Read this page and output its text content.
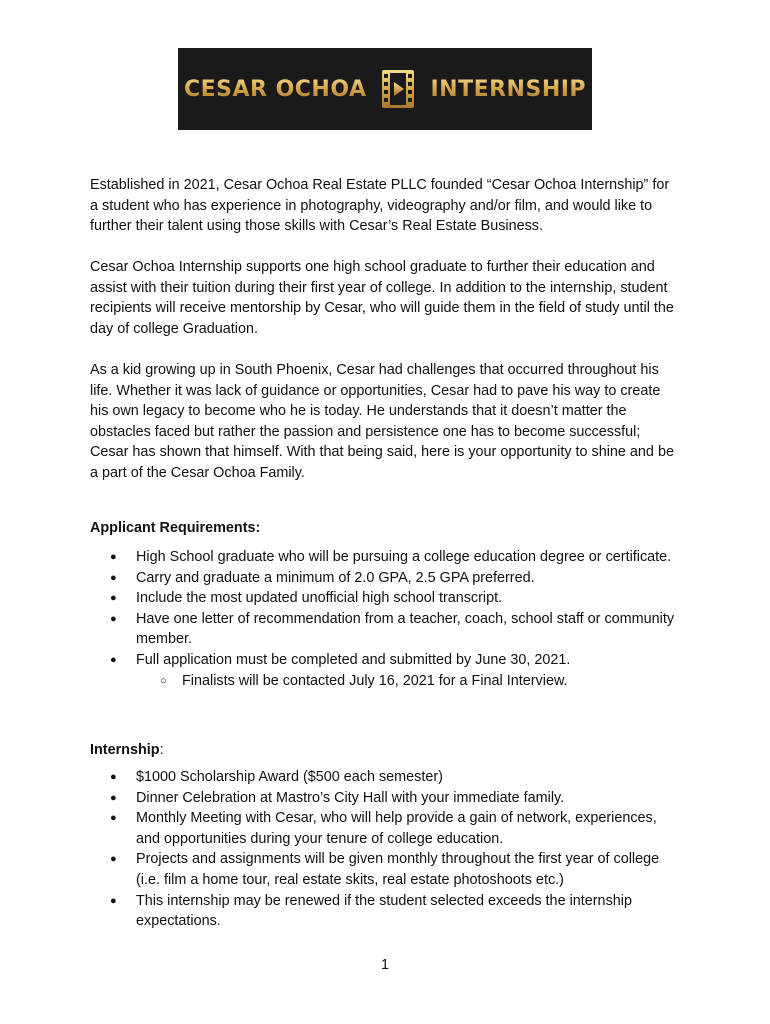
CESAR OCHOA	INTERNSHIP

Established in 2021, Cesar Ochoa Real Estate PLLC founded “Cesar Ochoa Internship” for a student who has experience in photography, videography and/or film, and would like to further their talent using those skills with Cesar’s Real Estate Business.

Cesar Ochoa Internship supports one high school graduate to further their education and assist with their tuition during their first year of college. In addition to the internship, student recipients will receive mentorship by Cesar, who will guide them in the field of study until the day of college Graduation.

As a kid growing up in South Phoenix, Cesar had challenges that occurred throughout his life. Whether it was lack of guidance or opportunities, Cesar had to pave his way to create his own legacy to become who he is today. He understands that it doesn’t matter the obstacles faced but rather the passion and persistence one has to become successful; Cesar has shown that himself. With that being said, here is your opportunity to shine and be a part of the Cesar Ochoa Family.

Applicant Requirements:
● High School graduate who will be pursuing a college education degree or certificate.
● Carry and graduate a minimum of 2.0 GPA, 2.5 GPA preferred.
● Include the most updated unofficial high school transcript.
● Have one letter of recommendation from a teacher, coach, school staff or community member.
● Full application must be completed and submitted by June 30, 2021.
○ Finalists will be contacted July 16, 2021 for a Final Interview.
Internship:
● $1000 Scholarship Award ($500 each semester)
● Dinner Celebration at Mastro’s City Hall with your immediate family.
● Monthly Meeting with Cesar, who will help provide a gain of network, experiences, and opportunities during your tenure of college education.
● Projects and assignments will be given monthly throughout the first year of college (i.e. film a home tour, real estate skits, real estate photoshoots etc.)
● This internship may be renewed if the student selected exceeds the internship expectations.
1
